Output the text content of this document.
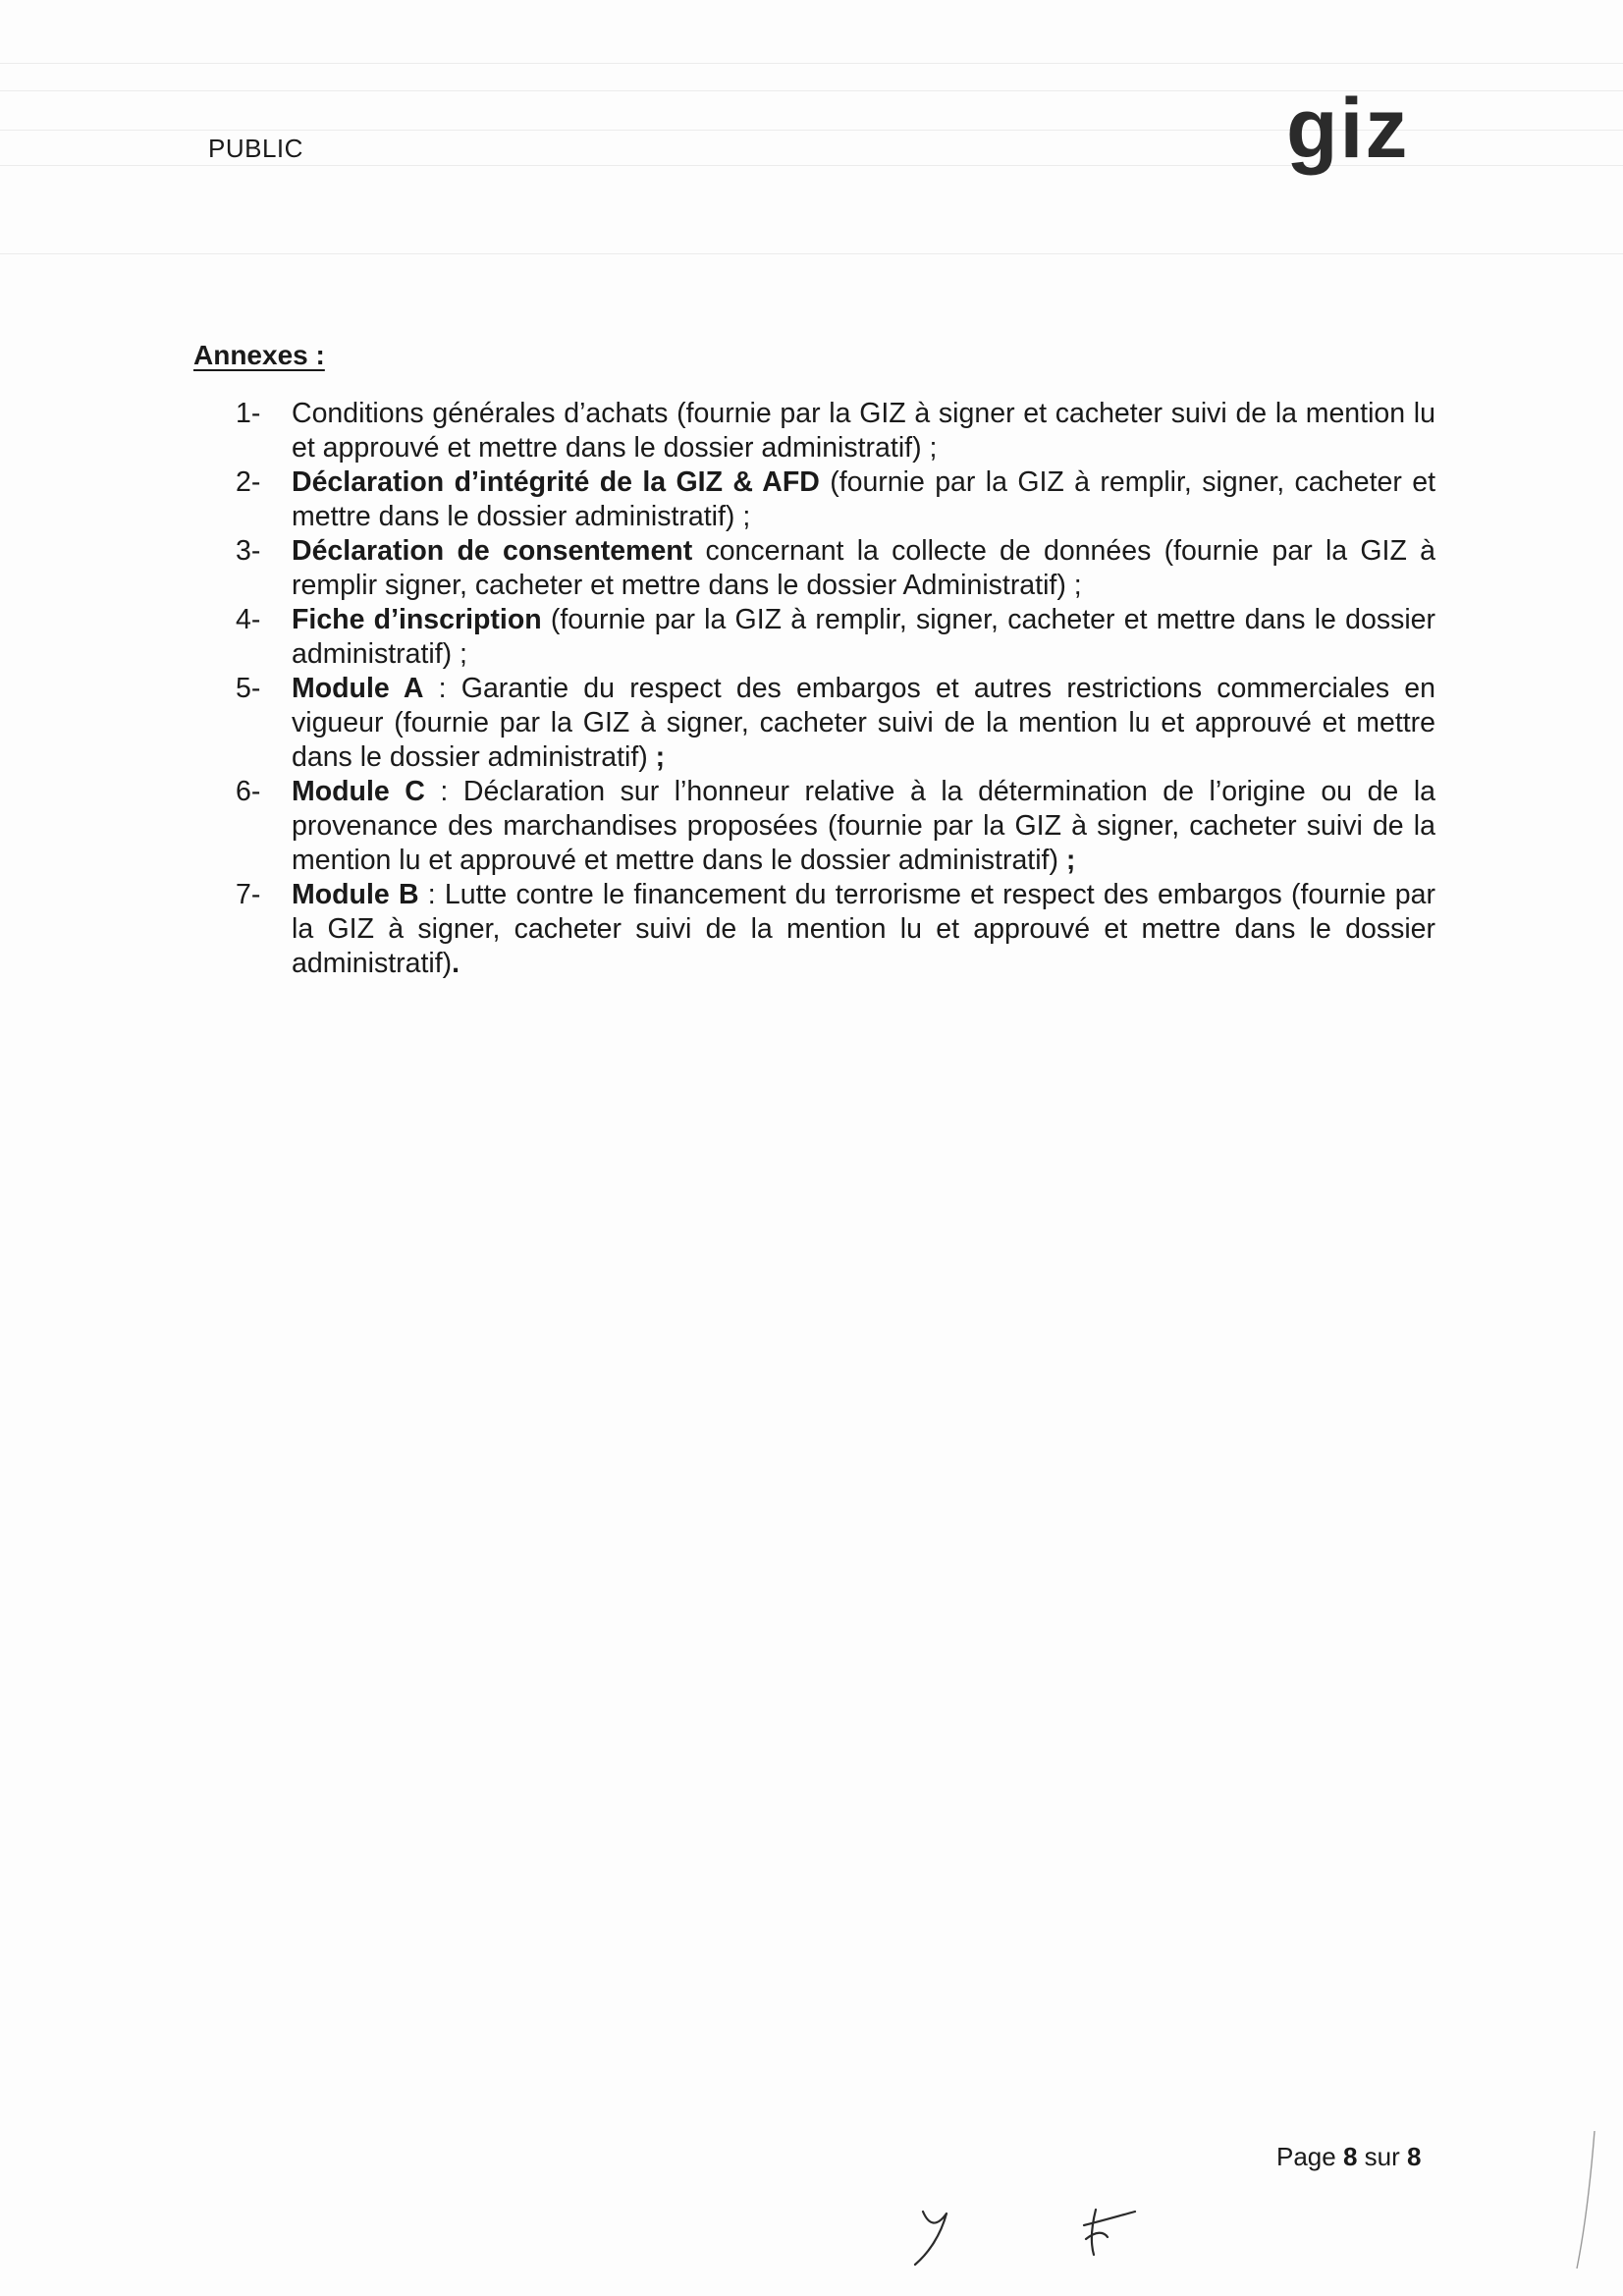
PUBLIC	giz
Annexes :
1-	Conditions générales d’achats (fournie par la GIZ à signer et cacheter suivi de la mention lu et approuvé et mettre dans le dossier administratif) ;
2-	Déclaration d’intégrité de la GIZ & AFD (fournie par la GIZ à remplir, signer, cacheter et mettre dans le dossier administratif) ;
3-	Déclaration de consentement concernant la collecte de données (fournie par la GIZ à remplir signer, cacheter et mettre dans le dossier Administratif) ;
4-	Fiche d’inscription (fournie par la GIZ à remplir, signer, cacheter et mettre dans le dossier administratif) ;
5-	Module A : Garantie du respect des embargos et autres restrictions commerciales en vigueur (fournie par la GIZ à signer, cacheter suivi de la mention lu et approuvé et mettre dans le dossier administratif) ;
6-	Module C : Déclaration sur l’honneur relative à la détermination de l’origine ou de la provenance des marchandises proposées (fournie par la GIZ à signer, cacheter suivi de la mention lu et approuvé et mettre dans le dossier administratif) ;
7-	Module B : Lutte contre le financement du terrorisme et respect des embargos (fournie par la GIZ à signer, cacheter suivi de la mention lu et approuvé et mettre dans le dossier administratif).
Page 8 sur 8
